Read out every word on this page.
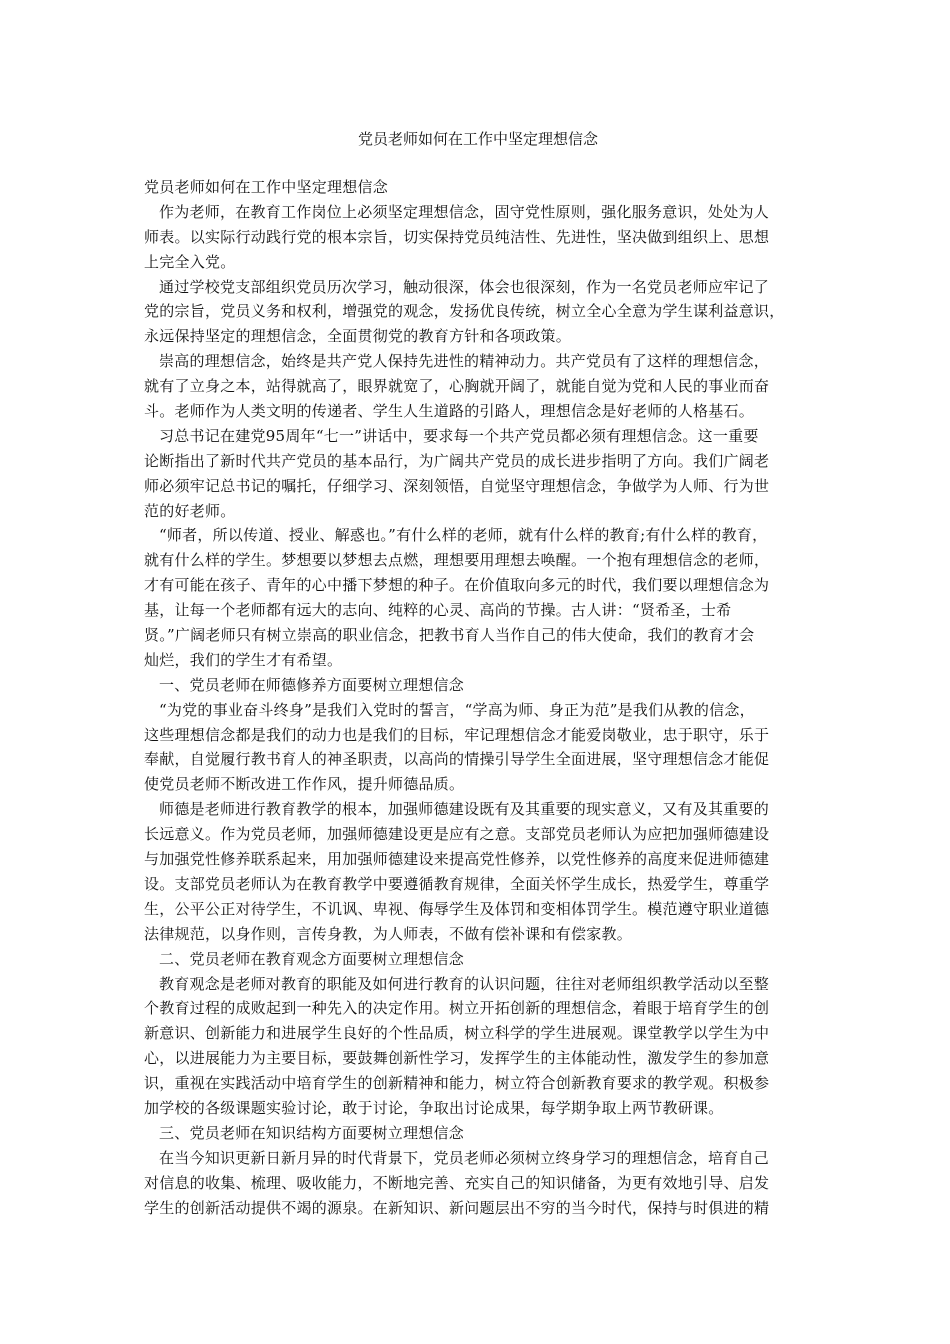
党员老师如何在工作中坚定理想信念
党员老师如何在工作中坚定理想信念
作为老师，在教育工作岗位上必须坚定理想信念，固守党性原则，强化服务意识，处处为人
师表。以实际行动践行党的根本宗旨，切实保持党员纯洁性、先进性，坚决做到组织上、思想
上完全入党。
通过学校党支部组织党员历次学习，触动很深，体会也很深刻，作为一名党员老师应牢记了
党的宗旨，党员义务和权利，增强党的观念，发扬优良传统，树立全心全意为学生谋利益意识，
永远保持坚定的理想信念，全面贯彻党的教育方针和各项政策。
崇高的理想信念，始终是共产党人保持先进性的精神动力。共产党员有了这样的理想信念，
就有了立身之本，站得就高了，眼界就宽了，心胸就开阔了，就能自觉为党和人民的事业而奋
斗。老师作为人类文明的传递者、学生人生道路的引路人，理想信念是好老师的人格基石。
习总书记在建党95周年“七一”讲话中，要求每一个共产党员都必须有理想信念。这一重要
论断指出了新时代共产党员的基本品行，为广阔共产党员的成长进步指明了方向。我们广阔老
师必须牢记总书记的嘱托，仔细学习、深刻领悟，自觉坚守理想信念，争做学为人师、行为世
范的好老师。
“师者，所以传道、授业、解惑也。”有什么样的老师，就有什么样的教育;有什么样的教育，
就有什么样的学生。梦想要以梦想去点燃，理想要用理想去唤醒。一个抱有理想信念的老师，
才有可能在孩子、青年的心中播下梦想的种子。在价值取向多元的时代，我们要以理想信念为
基，让每一个老师都有远大的志向、纯粹的心灵、高尚的节操。古人讲：“贤希圣，士希
贤。”广阔老师只有树立崇高的职业信念，把教书育人当作自己的伟大使命，我们的教育才会
灿烂，我们的学生才有希望。
一、党员老师在师德修养方面要树立理想信念
“为党的事业奋斗终身”是我们入党时的誓言，“学高为师、身正为范”是我们从教的信念，
这些理想信念都是我们的动力也是我们的目标，牢记理想信念才能爱岗敬业，忠于职守，乐于
奉献，自觉履行教书育人的神圣职责，以高尚的情操引导学生全面进展，坚守理想信念才能促
使党员老师不断改进工作作风，提升师德品质。
师德是老师进行教育教学的根本，加强师德建设既有及其重要的现实意义，又有及其重要的
长远意义。作为党员老师，加强师德建设更是应有之意。支部党员老师认为应把加强师德建设
与加强党性修养联系起来，用加强师德建设来提高党性修养，以党性修养的高度来促进师德建
设。支部党员老师认为在教育教学中要遵循教育规律，全面关怀学生成长，热爱学生，尊重学
生，公平公正对待学生，不讥讽、卑视、侮辱学生及体罚和变相体罚学生。模范遵守职业道德
法律规范，以身作则，言传身教，为人师表，不做有偿补课和有偿家教。
二、党员老师在教育观念方面要树立理想信念
教育观念是老师对教育的职能及如何进行教育的认识问题，往往对老师组织教学活动以至整
个教育过程的成败起到一种先入的决定作用。树立开拓创新的理想信念，着眼于培育学生的创
新意识、创新能力和进展学生良好的个性品质，树立科学的学生进展观。课堂教学以学生为中
心，以进展能力为主要目标，要鼓舞创新性学习，发挥学生的主体能动性，激发学生的参加意
识，重视在实践活动中培育学生的创新精神和能力，树立符合创新教育要求的教学观。积极参
加学校的各级课题实验讨论，敢于讨论，争取出讨论成果，每学期争取上两节教研课。
三、党员老师在知识结构方面要树立理想信念
在当今知识更新日新月异的时代背景下，党员老师必须树立终身学习的理想信念，培育自己
对信息的收集、梳理、吸收能力，不断地完善、充实自己的知识储备，为更有效地引导、启发
学生的创新活动提供不竭的源泉。在新知识、新问题层出不穷的当今时代，保持与时俱进的精
